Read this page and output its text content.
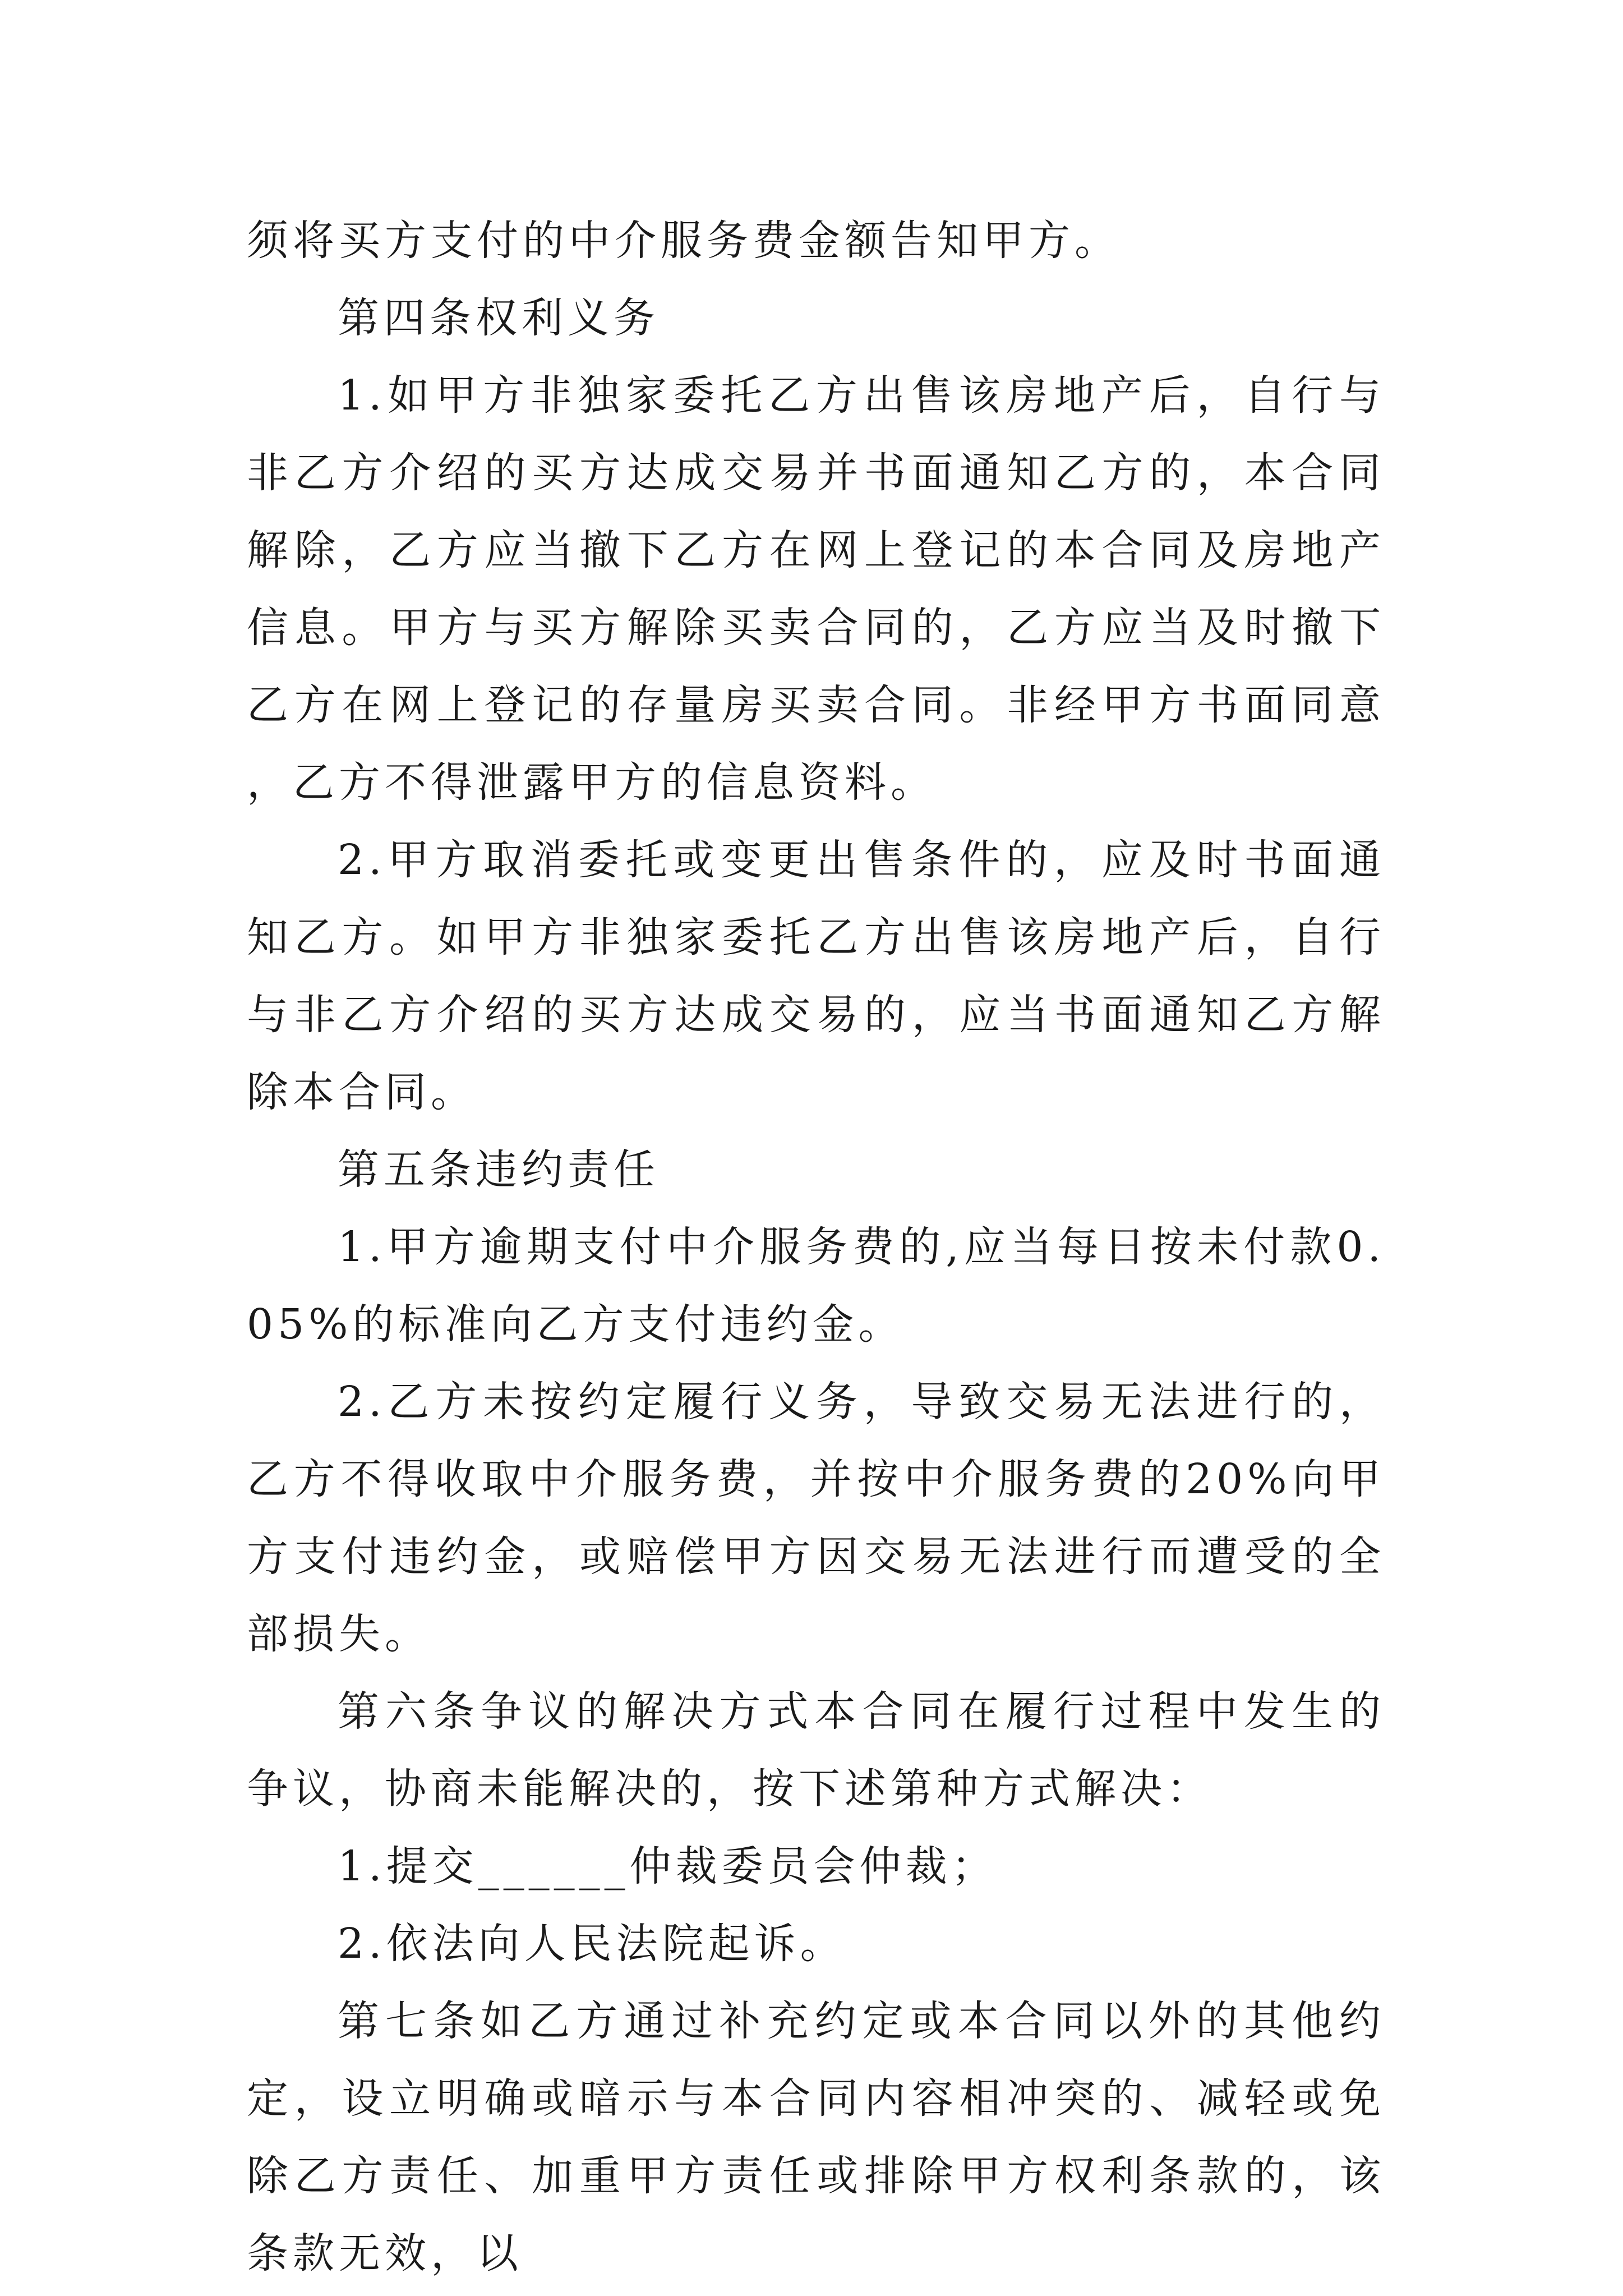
须将买方支付的中介服务费金额告知甲方。

第四条权利义务

1.如甲方非独家委托乙方出售该房地产后，自行与非乙方介绍的买方达成交易并书面通知乙方的，本合同解除，乙方应当撤下乙方在网上登记的本合同及房地产信息。甲方与买方解除买卖合同的，乙方应当及时撤下乙方在网上登记的存量房买卖合同。非经甲方书面同意，乙方不得泄露甲方的信息资料。

2.甲方取消委托或变更出售条件的，应及时书面通知乙方。如甲方非独家委托乙方出售该房地产后，自行与非乙方介绍的买方达成交易的，应当书面通知乙方解除本合同。

第五条违约责任

1.甲方逾期支付中介服务费的,应当每日按未付款0.05%的标准向乙方支付违约金。

2.乙方未按约定履行义务，导致交易无法进行的，乙方不得收取中介服务费，并按中介服务费的20%向甲方支付违约金，或赔偿甲方因交易无法进行而遭受的全部损失。

第六条争议的解决方式本合同在履行过程中发生的争议，协商未能解决的，按下述第种方式解决：

1.提交______仲裁委员会仲裁；

2.依法向人民法院起诉。

第七条如乙方通过补充约定或本合同以外的其他约定，设立明确或暗示与本合同内容相冲突的、减轻或免除乙方责任、加重甲方责任或排除甲方权利条款的，该条款无效，以
